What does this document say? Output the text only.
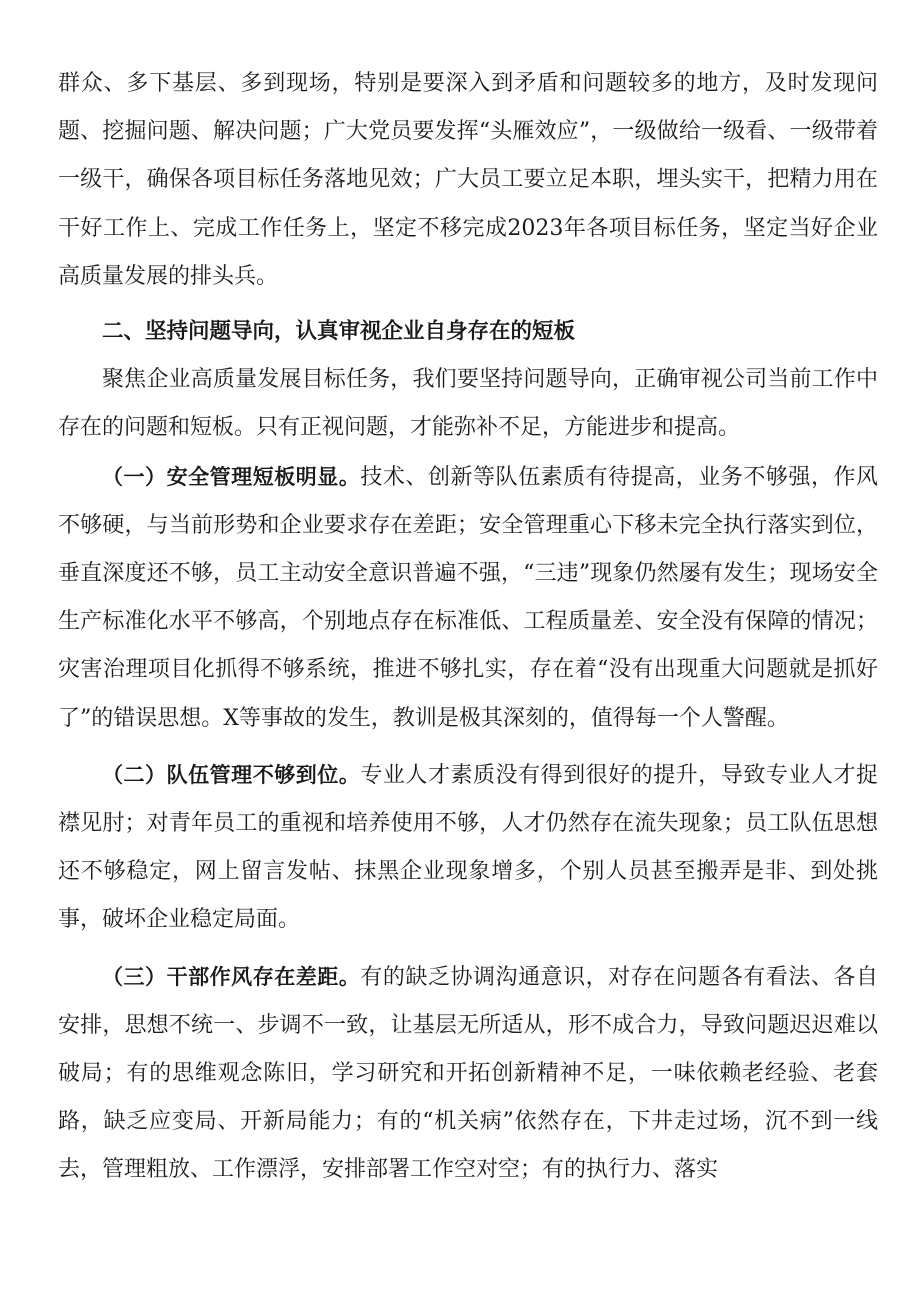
群众、多下基层、多到现场，特别是要深入到矛盾和问题较多的地方，及时发现问题、挖掘问题、解决问题；广大党员要发挥“头雁效应”，一级做给一级看、一级带着一级干，确保各项目标任务落地见效；广大员工要立足本职，埋头实干，把精力用在干好工作上、完成工作任务上，坚定不移完成2023年各项目标任务，坚定当好企业高质量发展的排头兵。

二、坚持问题导向，认真审视企业自身存在的短板

聚焦企业高质量发展目标任务，我们要坚持问题导向，正确审视公司当前工作中存在的问题和短板。只有正视问题，才能弥补不足，方能进步和提高。

（一）安全管理短板明显。技术、创新等队伍素质有待提高，业务不够强，作风不够硬，与当前形势和企业要求存在差距；安全管理重心下移未完全执行落实到位，垂直深度还不够，员工主动安全意识普遍不强，“三违”现象仍然屡有发生；现场安全生产标准化水平不够高，个别地点存在标准低、工程质量差、安全没有保障的情况；灾害治理项目化抓得不够系统，推进不够扎实，存在着“没有出现重大问题就是抓好了”的错误思想。X等事故的发生，教训是极其深刻的，值得每一个人警醒。

（二）队伍管理不够到位。专业人才素质没有得到很好的提升，导致专业人才捉襟见肘；对青年员工的重视和培养使用不够，人才仍然存在流失现象；员工队伍思想还不够稳定，网上留言发帖、抹黑企业现象增多，个别人员甚至搬弄是非、到处挑事，破坏企业稳定局面。

（三）干部作风存在差距。有的缺乏协调沟通意识，对存在问题各有看法、各自安排，思想不统一、步调不一致，让基层无所适从，形不成合力，导致问题迟迟难以破局；有的思维观念陈旧，学习研究和开拓创新精神不足，一味依赖老经验、老套路，缺乏应变局、开新局能力；有的“机关病”依然存在，下井走过场，沉不到一线去，管理粗放、工作漂浮，安排部署工作空对空；有的执行力、落实
